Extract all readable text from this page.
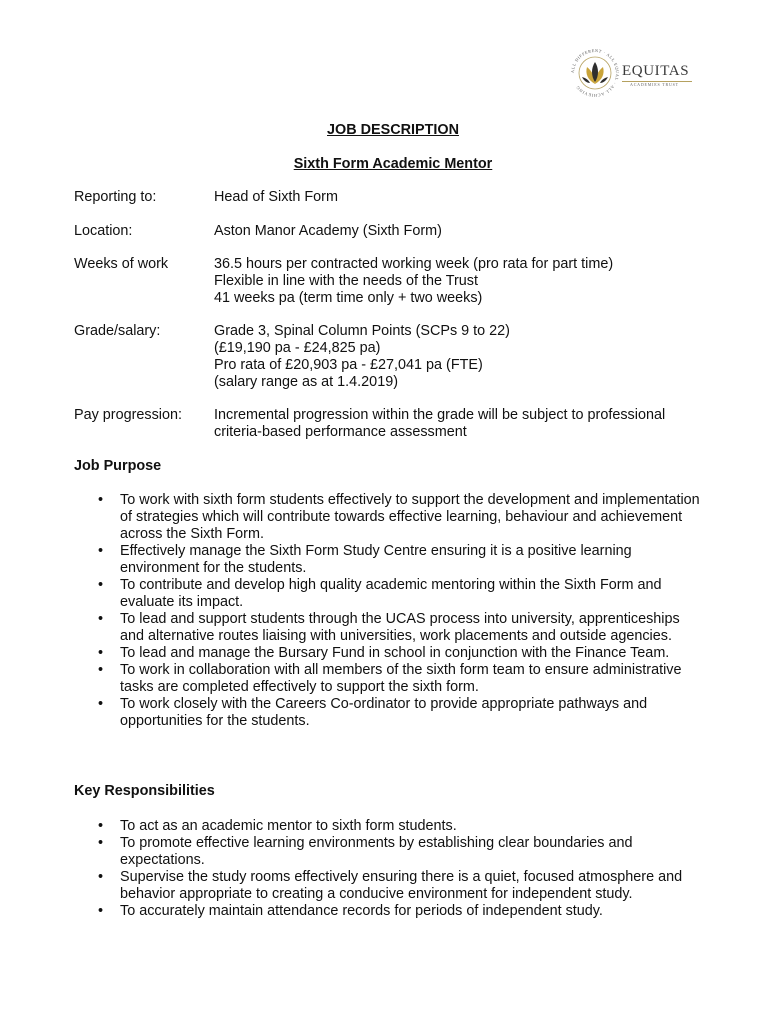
ALL DIFFERENT · ALL EQUAL · ALL ACHIEVING
EQUITAS
ACADEMIES TRUST
JOB DESCRIPTION
Sixth Form Academic Mentor
Reporting to:	Head of Sixth Form
Location:	Aston Manor Academy (Sixth Form)
Weeks of work	36.5 hours per contracted working week (pro rata for part time)
Flexible in line with the needs of the Trust
41 weeks pa (term time only + two weeks)
Grade/salary:	Grade 3, Spinal Column Points (SCPs 9 to 22)
(£19,190 pa - £24,825 pa)
Pro rata of £20,903 pa - £27,041 pa (FTE)
(salary range as at 1.4.2019)
Pay progression: Incremental progression within the grade will be subject to professional criteria-based performance assessment
Job Purpose
• To work with sixth form students effectively to support the development and implementation of strategies which will contribute towards effective learning, behaviour and achievement across the Sixth Form.
• Effectively manage the Sixth Form Study Centre ensuring it is a positive learning environment for the students.
• To contribute and develop high quality academic mentoring within the Sixth Form and evaluate its impact.
• To lead and support students through the UCAS process into university, apprenticeships and alternative routes liaising with universities, work placements and outside agencies.
• To lead and manage the Bursary Fund in school in conjunction with the Finance Team.
• To work in collaboration with all members of the sixth form team to ensure administrative tasks are completed effectively to support the sixth form.
• To work closely with the Careers Co-ordinator to provide appropriate pathways and opportunities for the students.
Key Responsibilities
• To act as an academic mentor to sixth form students.
• To promote effective learning environments by establishing clear boundaries and expectations.
• Supervise the study rooms effectively ensuring there is a quiet, focused atmosphere and behavior appropriate to creating a conducive environment for independent study.
• To accurately maintain attendance records for periods of independent study.
